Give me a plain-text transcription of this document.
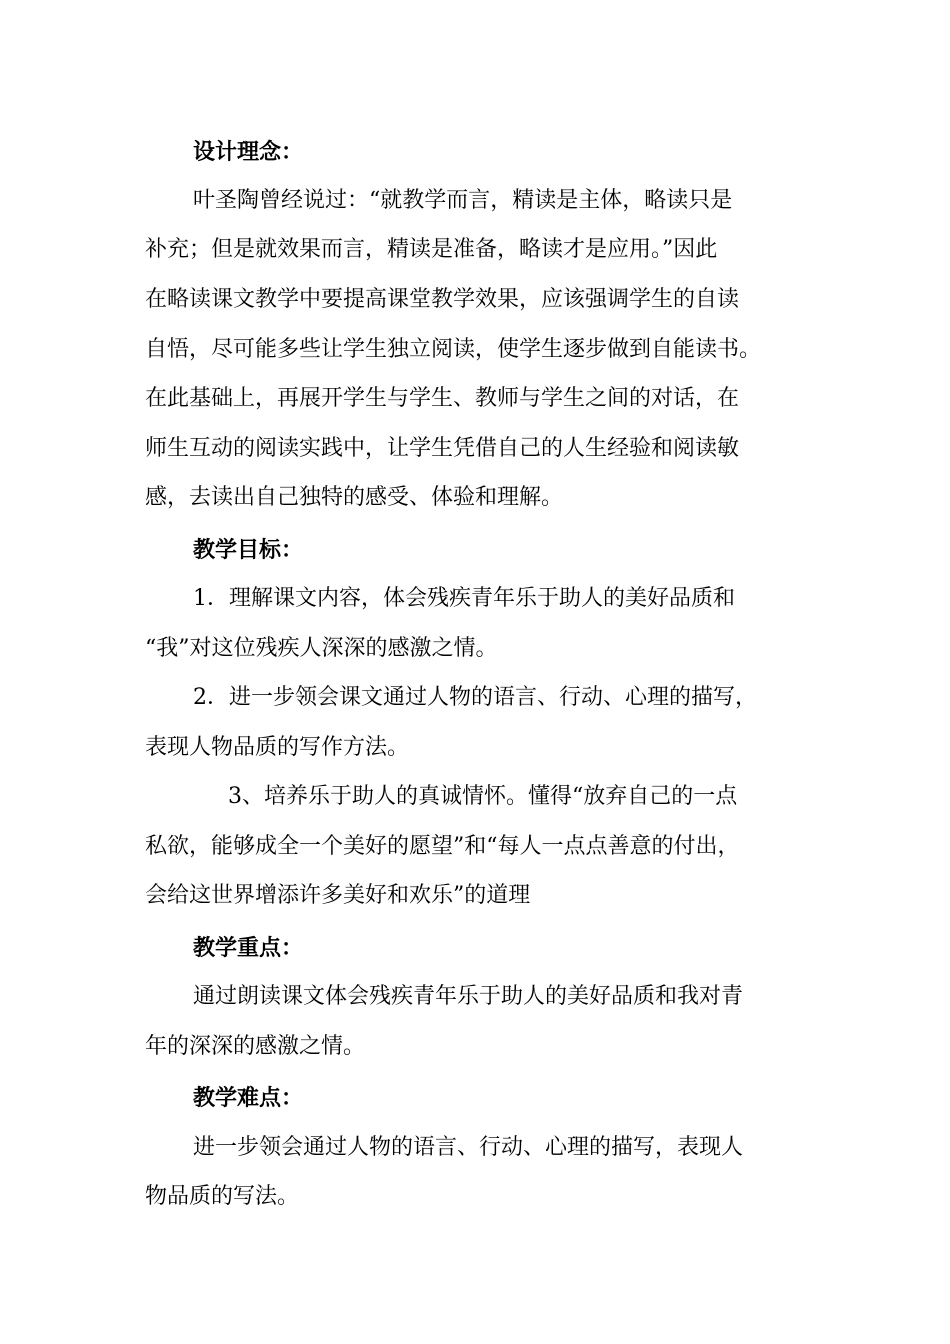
设计理念：
叶圣陶曾经说过：“就教学而言，精读是主体，略读只是
补充；但是就效果而言，精读是准备，略读才是应用。”因此
在略读课文教学中要提高课堂教学效果，应该强调学生的自读
自悟，尽可能多些让学生独立阅读，使学生逐步做到自能读书。
在此基础上，再展开学生与学生、教师与学生之间的对话，在
师生互动的阅读实践中，让学生凭借自己的人生经验和阅读敏
感，去读出自己独特的感受、体验和理解。
教学目标：
1．理解课文内容，体会残疾青年乐于助人的美好品质和
“我”对这位残疾人深深的感激之情。
2．进一步领会课文通过人物的语言、行动、心理的描写，
表现人物品质的写作方法。
3、培养乐于助人的真诚情怀。懂得“放弃自己的一点
私欲，能够成全一个美好的愿望”和“每人一点点善意的付出，
会给这世界增添许多美好和欢乐”的道理
教学重点：
通过朗读课文体会残疾青年乐于助人的美好品质和我对青
年的深深的感激之情。
教学难点：
进一步领会通过人物的语言、行动、心理的描写，表现人
物品质的写法。
